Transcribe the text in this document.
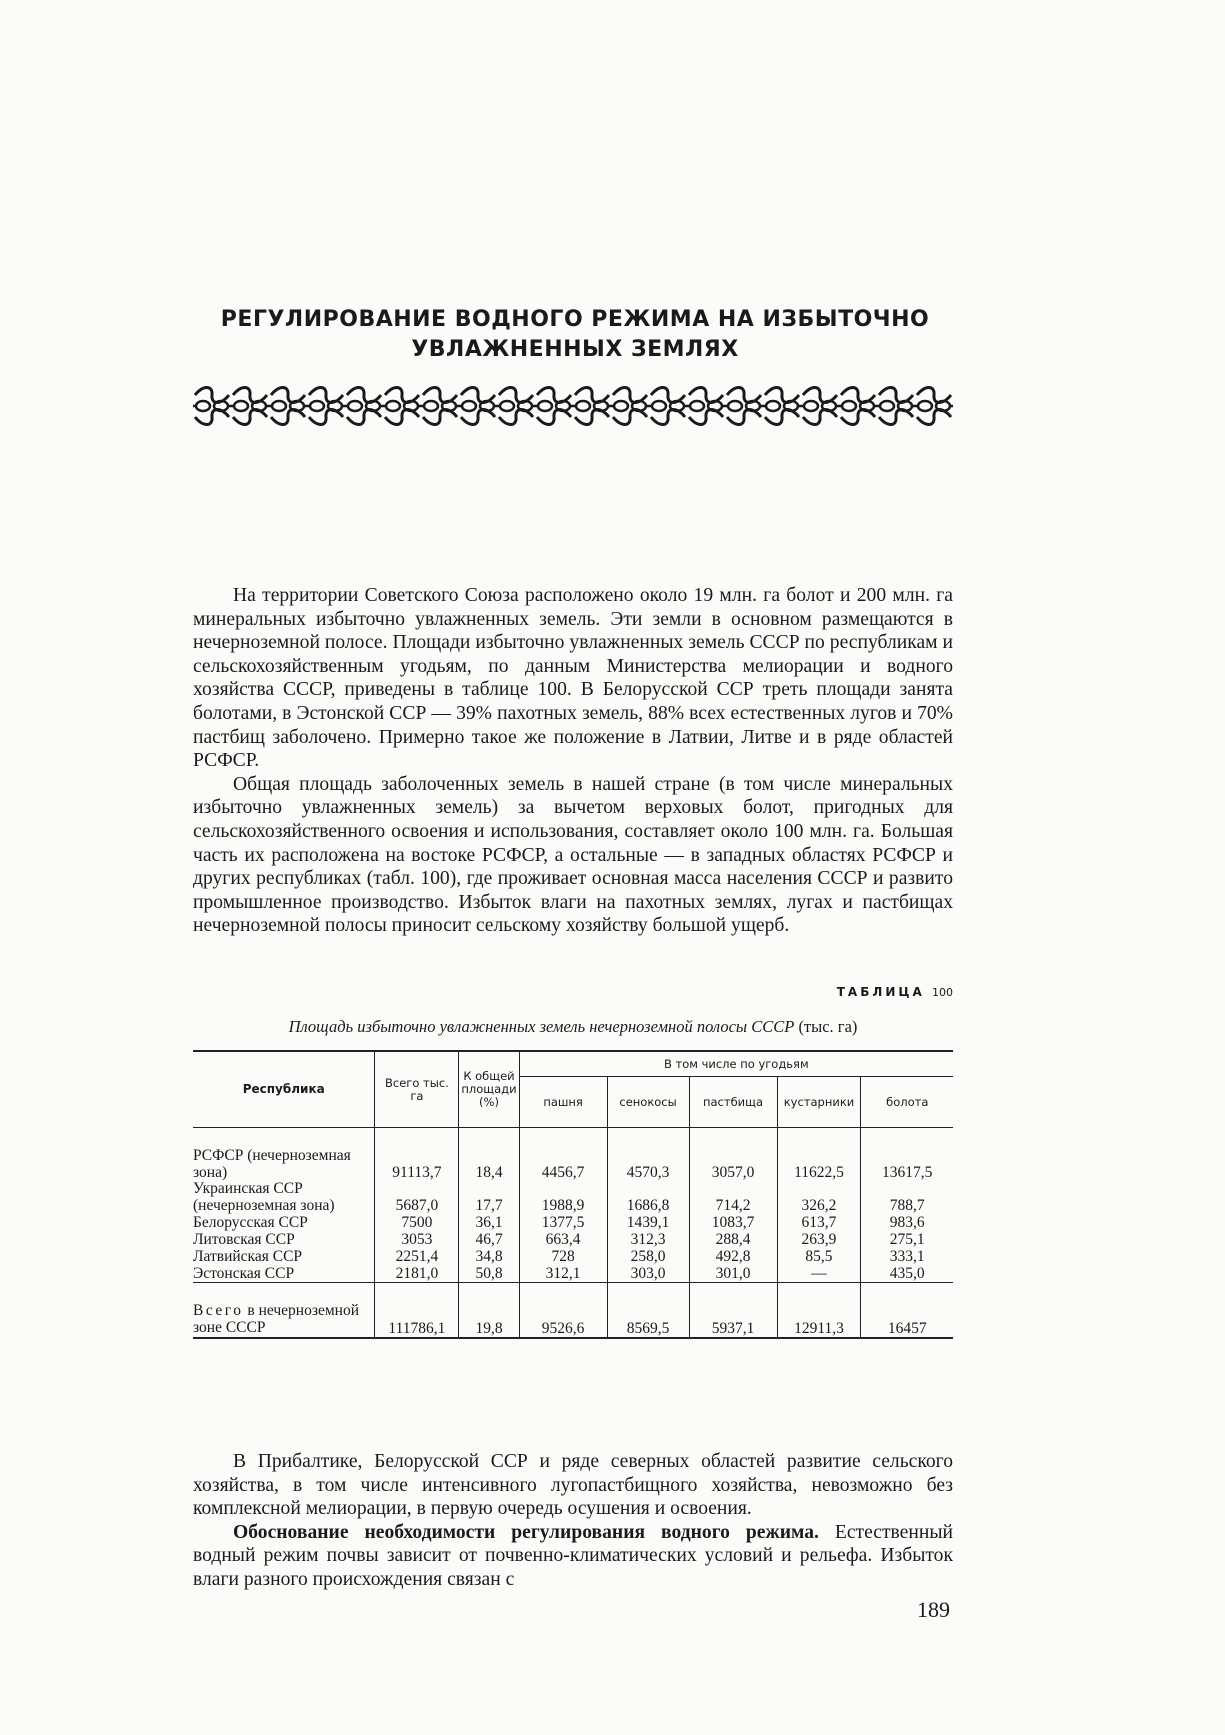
РЕГУЛИРОВАНИЕ ВОДНОГО РЕЖИМА НА ИЗБЫТОЧНО
УВЛАЖНЕННЫХ ЗЕМЛЯХ

На территории Советского Союза расположено около 19 млн. га болот и 200 млн. га минеральных избыточно увлажненных земель. Эти земли в основном размещаются в нечерноземной полосе. Площади избыточно увлажненных земель СССР по республикам и сельскохозяйственным угодьям, по данным Министерства мелиорации и водного хозяйства СССР, приведены в таблице 100. В Белорусской ССР треть площади занята болотами, в Эстонской ССР — 39% пахотных земель, 88% всех естественных лугов и 70% пастбищ заболочено. Примерно такое же положение в Латвии, Литве и в ряде областей РСФСР.

Общая площадь заболоченных земель в нашей стране (в том числе минеральных избыточно увлажненных земель) за вычетом верховых болот, пригодных для сельскохозяйственного освоения и использования, составляет около 100 млн. га. Большая часть их расположена на востоке РСФСР, а остальные — в западных областях РСФСР и других республиках (табл. 100), где проживает основная масса населения СССР и развито промышленное производство. Избыток влаги на пахотных землях, лугах и пастбищах нечерноземной полосы приносит сельскому хозяйству большой ущерб.

ТАБЛИЦА 100
Площадь избыточно увлажненных земель нечерноземной полосы СССР (тыс. га)
Республика	Всего тыс. га	К общей площади (%)	В том числе по угодьям				
			пашня	сенокосы	пастбища	кустарники	болота

РСФСР (нечерноземная зона)	91113,7	18,4	4456,7	4570,3	3057,0	11622,5	13617,5
Украинская ССР (нечерноземная зона)	5687,0	17,7	1988,9	1686,8	714,2	326,2	788,7
Белорусская ССР	7500	36,1	1377,5	1439,1	1083,7	613,7	983,6
Литовская ССР	3053	46,7	663,4	312,3	288,4	263,9	275,1
Латвийская ССР	2251,4	34,8	728	258,0	492,8	85,5	333,1
Эстонская ССР	2181,0	50,8	312,1	303,0	301,0	—	435,0

Всего в нечерноземной зоне СССР	111786,1	19,8	9526,6	8569,5	5937,1	12911,3	16457

В Прибалтике, Белорусской ССР и ряде северных областей развитие сельского хозяйства, в том числе интенсивного лугопастбищного хозяйства, невозможно без комплексной мелиорации, в первую очередь осушения и освоения.

Обоснование необходимости регулирования водного режима. Естественный водный режим почвы зависит от почвенно-климатических условий и рельефа. Избыток влаги разного происхождения связан с

189
